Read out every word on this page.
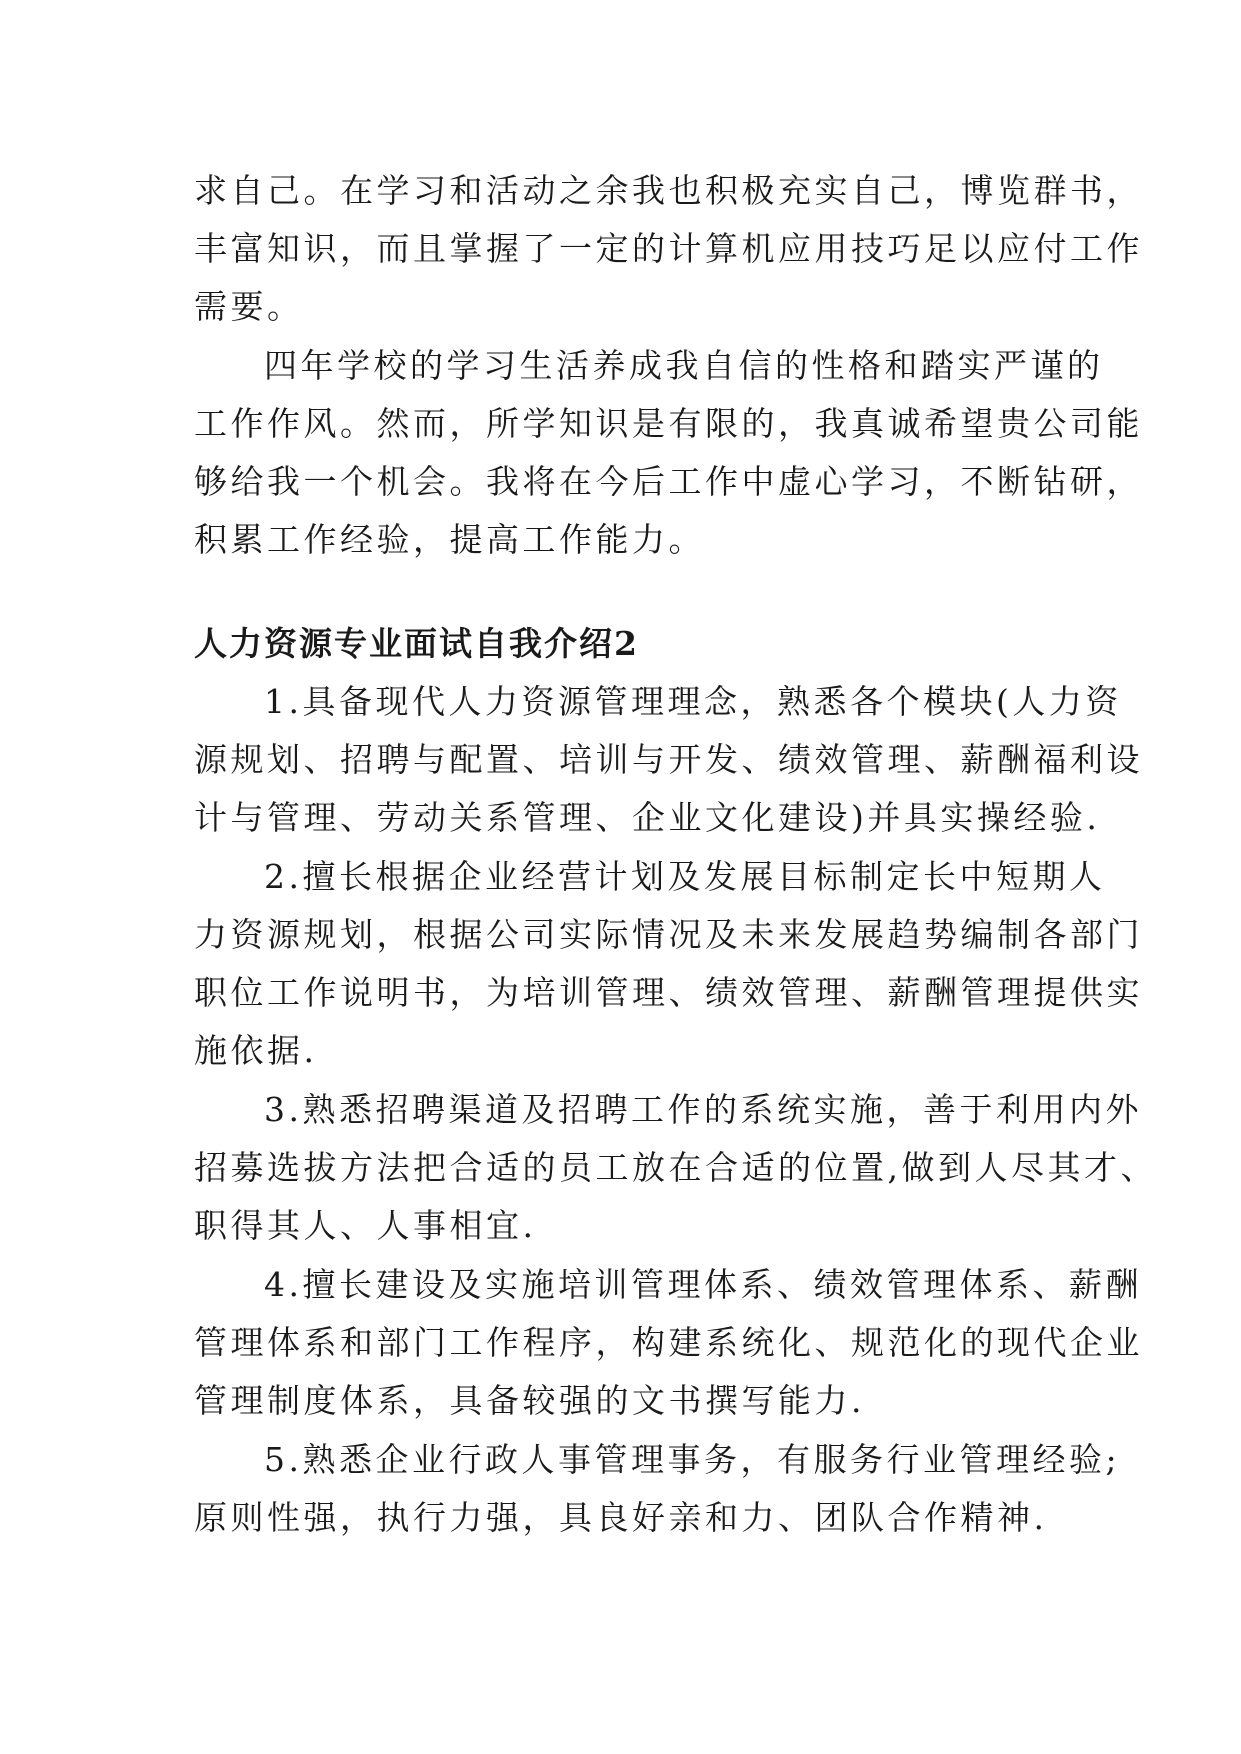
求自己。在学习和活动之余我也积极充实自己，博览群书，
丰富知识，而且掌握了一定的计算机应用技巧足以应付工作
需要。

四年学校的学习生活养成我自信的性格和踏实严谨的
工作作风。然而，所学知识是有限的，我真诚希望贵公司能
够给我一个机会。我将在今后工作中虚心学习，不断钻研，
积累工作经验，提高工作能力。

人力资源专业面试自我介绍2

1.具备现代人力资源管理理念，熟悉各个模块(人力资
源规划、招聘与配置、培训与开发、绩效管理、薪酬福利设
计与管理、劳动关系管理、企业文化建设)并具实操经验.

2.擅长根据企业经营计划及发展目标制定长中短期人
力资源规划，根据公司实际情况及未来发展趋势编制各部门
职位工作说明书，为培训管理、绩效管理、薪酬管理提供实
施依据.

3.熟悉招聘渠道及招聘工作的系统实施，善于利用内外
招募选拔方法把合适的员工放在合适的位置,做到人尽其才、
职得其人、人事相宜.

4.擅长建设及实施培训管理体系、绩效管理体系、薪酬
管理体系和部门工作程序，构建系统化、规范化的现代企业
管理制度体系，具备较强的文书撰写能力.

5.熟悉企业行政人事管理事务，有服务行业管理经验;
原则性强，执行力强，具良好亲和力、团队合作精神.
